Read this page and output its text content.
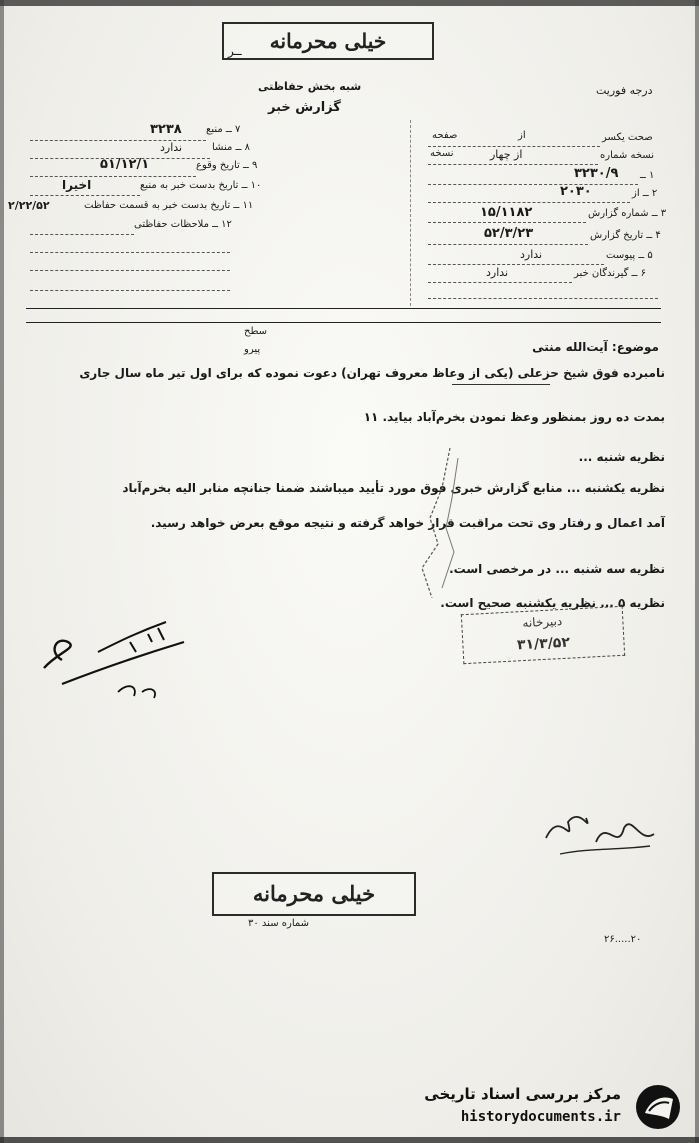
خیلی محرمانه
ــر
درجه فوریت
شبه بخش حفاظتی
گزارش خبر
۷ ــ منبع
۳۲۳۸
۸ ــ منشا
ندارد
۹ ــ تاریخ وقوع
۵۱/۱۲/۱
۱۰ ــ تاریخ بدست خبر به منبع
اخیرا
۱۱ ــ تاریخ بدست خبر به قسمت حفاظت
۲/۲۲/۵۲
۱۲ ــ ملاحظات حفاظتی
صحت یکسر
از
صفحه
نسخه شماره
از چهار
نسخه
۱ ــ
۳۲۳۰/۹
۲ ــ از
۲۰۳۰
۳ ــ شماره گزارش
۱۵/۱۱۸۲
۴ ــ تاریخ گزارش
۵۲/۳/۲۳
۵ ــ پیوست
ندارد
۶ ــ گیرندگان خبر
ندارد
سطح
پیرو	موضوع: آیت‌الله منتی
نامبرده فوق شیخ حزعلی (یکی از وعاظ معروف تهران) دعوت نموده که برای اول تیر ماه سال جاری
بمدت ده روز بمنظور وعظ نمودن بخرم‌آباد بیاید. ۱۱
نظریه شنبه ...
نظریه یکشنبه ... منابع گزارش خبری فوق مورد تأیید میباشند ضمنا جنانچه منابر الیه بخرم‌آباد
آمد اعمال و رفتار وی تحت مراقبت قرار خواهد گرفته و نتیجه موقع بعرض خواهد رسید.
نظریه سه شنبه ... در مرخصی است.
نظریه ۵ ... نظریه یکشنبه صحیح است.
دبیرخانه
۳۱/۳/۵۲
خیلی محرمانه
شماره سند ۳۰
۲۶.....۲۰
مرکز بررسی اسناد تاریخی
historydocuments.ir
